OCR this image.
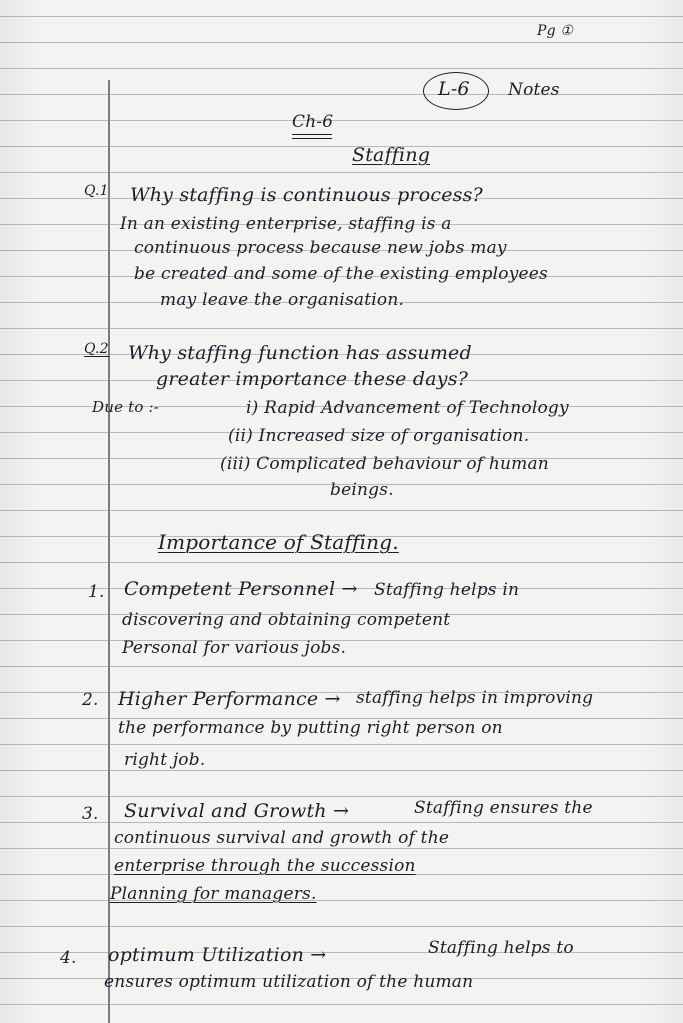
Pg ①
L-6 Notes
Ch-6
Staffing
Q.1 Why staffing is continuous process?
In an existing enterprise, staffing is a
continuous process because new jobs may
be created and some of the existing employees
may leave the organisation.
Q.2 Why staffing function has assumed
greater importance these days?
Due to :-	i) Rapid Advancement of Technology
(ii) Increased size of organisation.
(iii) Complicated behaviour of human
beings.
Importance of Staffing.
1. Competent Personnel → Staffing helps in
discovering and obtaining competent
Personal for various jobs.
2. Higher Performance → staffing helps in improving
the performance by putting right person on
right job.
3. Survival and Growth →	Staffing ensures the
continuous survival and growth of the
enterprise through the succession
Planning for managers.
4. optimum Utilization →	Staffing helps to
ensures optimum utilization of the human
